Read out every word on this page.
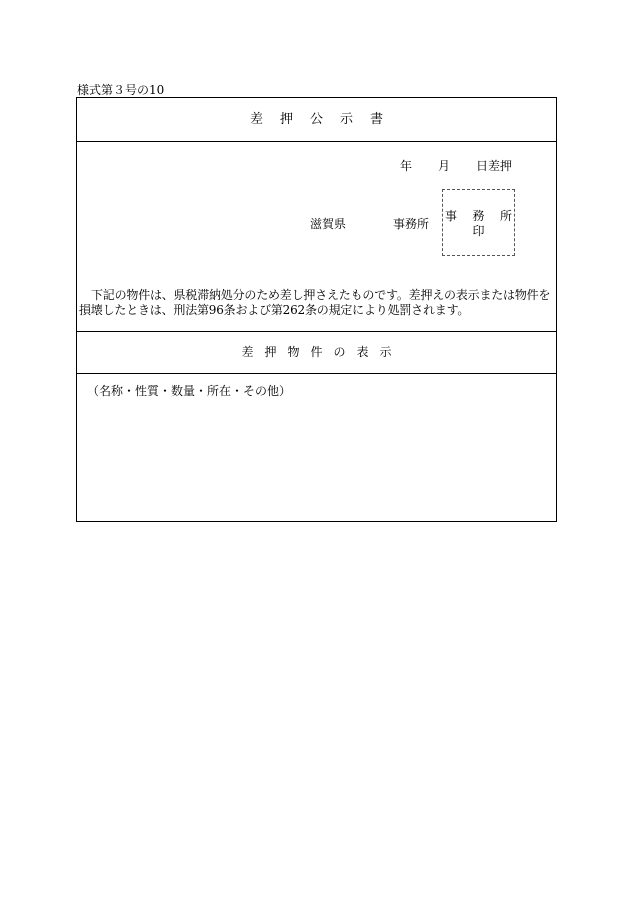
様式第３号の10
差押公示書
年 月 日差押
滋賀県	事務所
事 務 所
印
下記の物件は、県税滞納処分のため差し押さえたものです。差押えの表示または物件を損壊したときは、刑法第96条および第262条の規定により処罰されます。
差押物件の表示
（名称・性質・数量・所在・その他）
